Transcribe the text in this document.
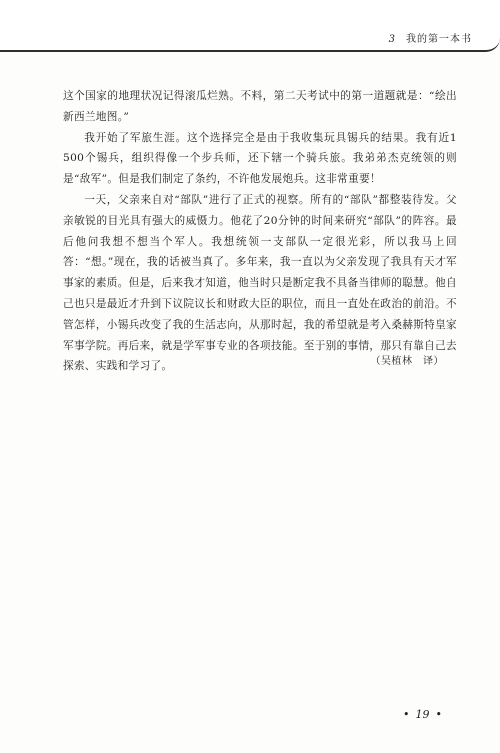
3 我的第一本书

这个国家的地理状况记得滚瓜烂熟。不料，第二天考试中的第一道题就是：“绘出新西兰地图。”

我开始了军旅生涯。这个选择完全是由于我收集玩具锡兵的结果。我有近1 500个锡兵，组织得像一个步兵师，还下辖一个骑兵旅。我弟弟杰克统领的则是“敌军”。但是我们制定了条约，不许他发展炮兵。这非常重要！

一天，父亲来自对“部队”进行了正式的视察。所有的“部队”都整装待发。父亲敏锐的目光具有强大的威慑力。他花了20分钟的时间来研究“部队”的阵容。最后他问我想不想当个军人。我想统领一支部队一定很光彩，所以我马上回答：“想。”现在，我的话被当真了。多年来，我一直以为父亲发现了我具有天才军事家的素质。但是，后来我才知道，他当时只是断定我不具备当律师的聪慧。他自己也只是最近才升到下议院议长和财政大臣的职位，而且一直处在政治的前沿。不管怎样，小锡兵改变了我的生活志向，从那时起，我的希望就是考入桑赫斯特皇家军事学院。再后来，就是学军事专业的各项技能。至于别的事情，那只有靠自己去探索、实践和学习了。	（吴植林　译）
• 19 •
